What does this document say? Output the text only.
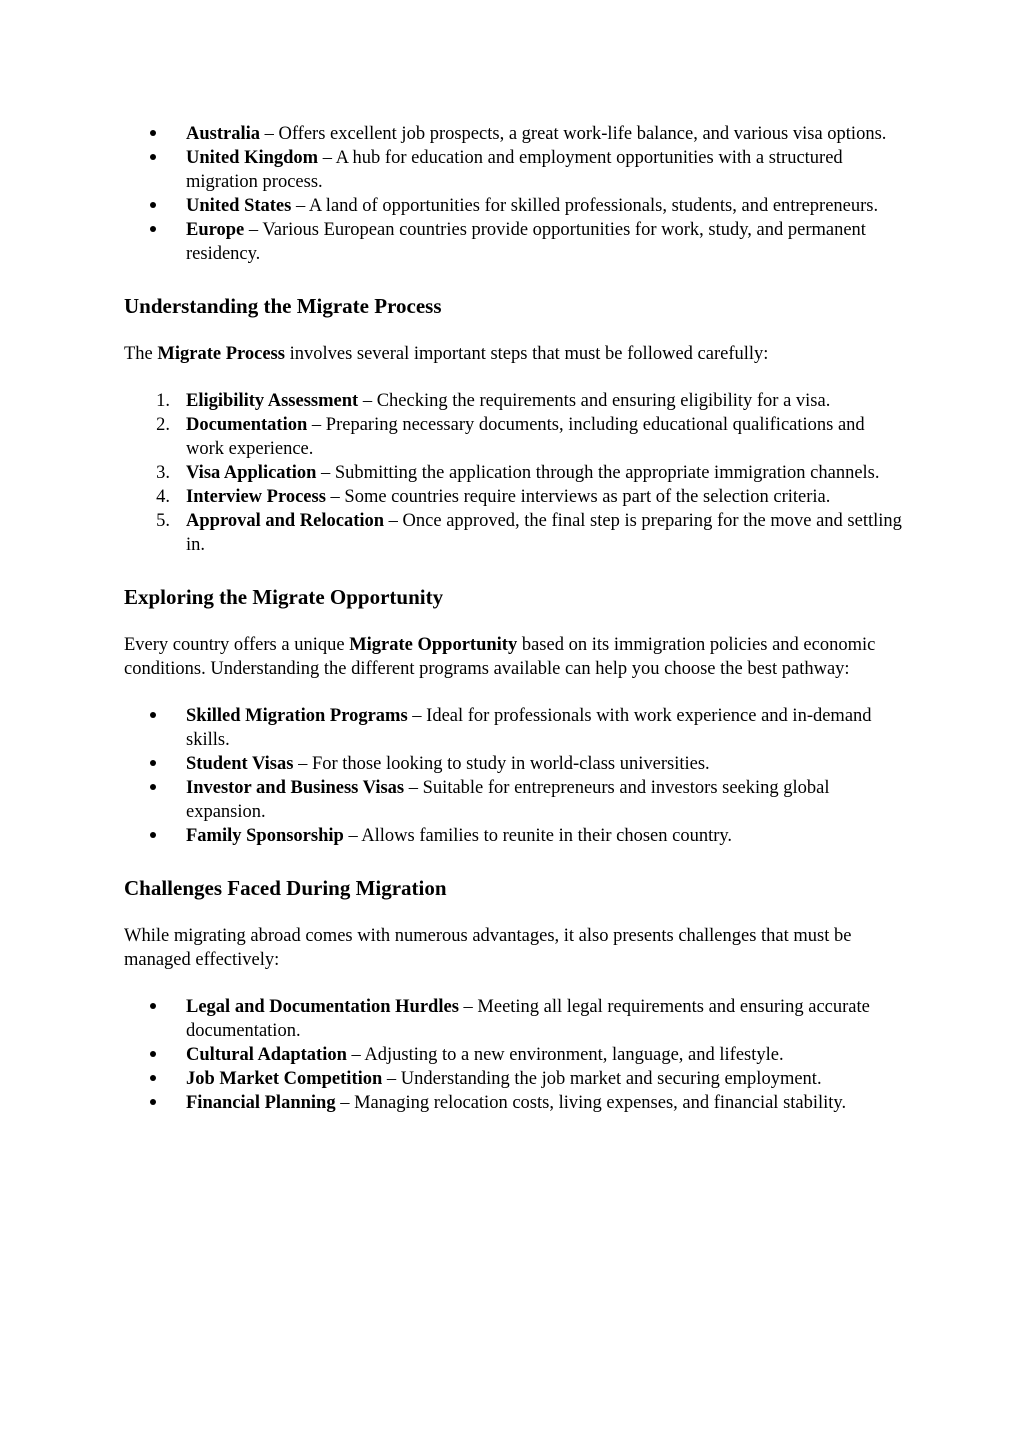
Australia – Offers excellent job prospects, a great work-life balance, and various visa options.
United Kingdom – A hub for education and employment opportunities with a structured migration process.
United States – A land of opportunities for skilled professionals, students, and entrepreneurs.
Europe – Various European countries provide opportunities for work, study, and permanent residency.
Understanding the Migrate Process

The Migrate Process involves several important steps that must be followed carefully:

1. Eligibility Assessment – Checking the requirements and ensuring eligibility for a visa.
2. Documentation – Preparing necessary documents, including educational qualifications and work experience.
3. Visa Application – Submitting the application through the appropriate immigration channels.
4. Interview Process – Some countries require interviews as part of the selection criteria.
5. Approval and Relocation – Once approved, the final step is preparing for the move and settling in.
Exploring the Migrate Opportunity

Every country offers a unique Migrate Opportunity based on its immigration policies and economic conditions. Understanding the different programs available can help you choose the best pathway:

Skilled Migration Programs – Ideal for professionals with work experience and in-demand skills.
Student Visas – For those looking to study in world-class universities.
Investor and Business Visas – Suitable for entrepreneurs and investors seeking global expansion.
Family Sponsorship – Allows families to reunite in their chosen country.
Challenges Faced During Migration

While migrating abroad comes with numerous advantages, it also presents challenges that must be managed effectively:

Legal and Documentation Hurdles – Meeting all legal requirements and ensuring accurate documentation.
Cultural Adaptation – Adjusting to a new environment, language, and lifestyle.
Job Market Competition – Understanding the job market and securing employment.
Financial Planning – Managing relocation costs, living expenses, and financial stability.
